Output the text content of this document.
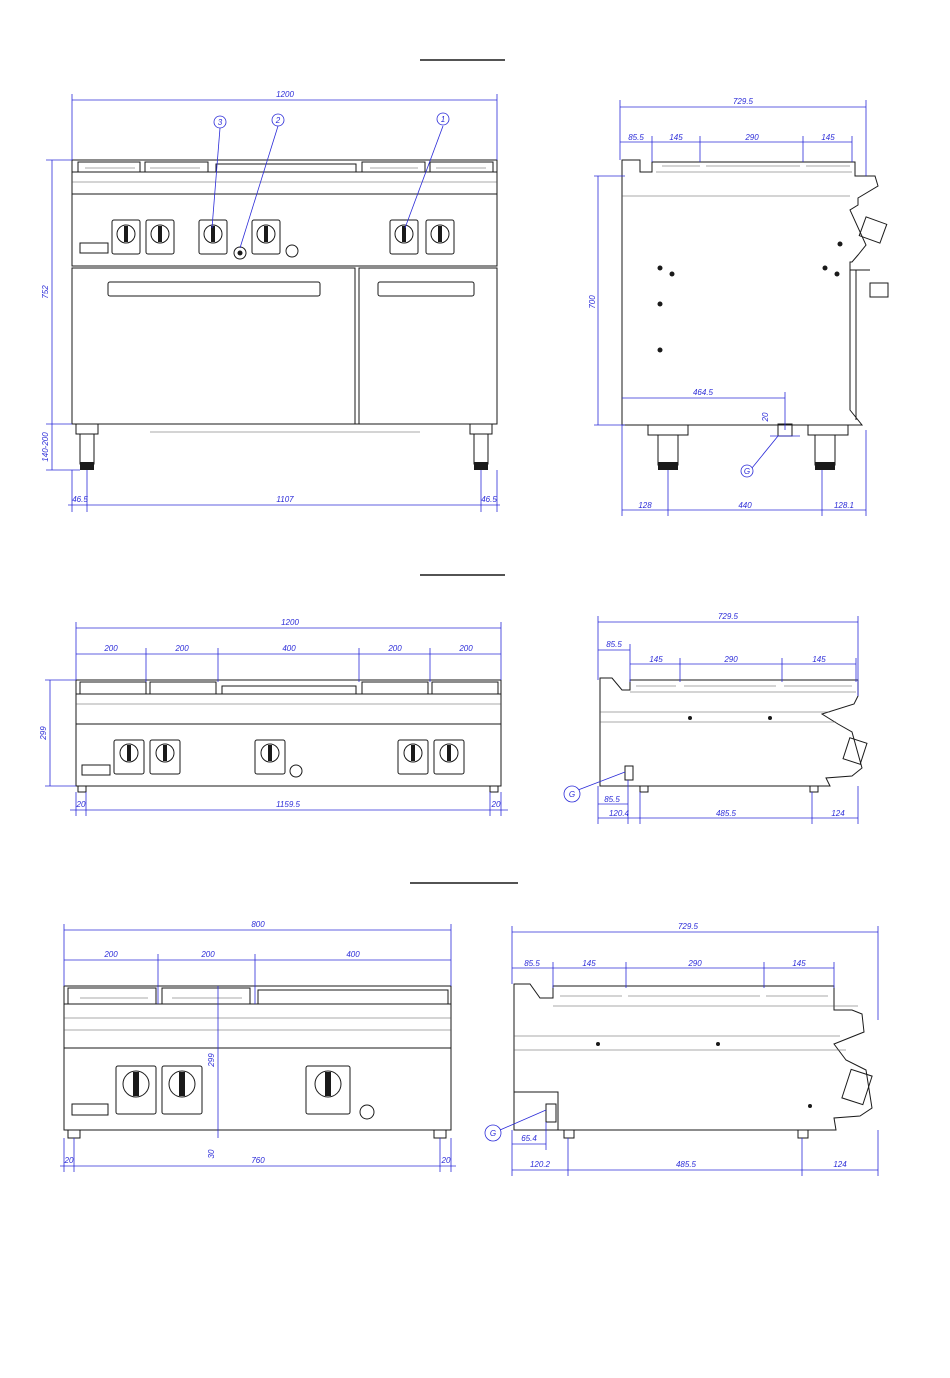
1200
752
140-200
46.5	1107	46.5
3	2	1
729.5
85.5	145	290	145
700
464.5
20
G
128	440	128.1
1200
200	200	400	200	200
299
20	1159.5	20
729.5
85.5
145	290	145
G
85.5
120.4	485.5	124
800
200	200	400
299
30
20	760	20
729.5
85.5	145	290	145
G
65.4
120.2	485.5	124
